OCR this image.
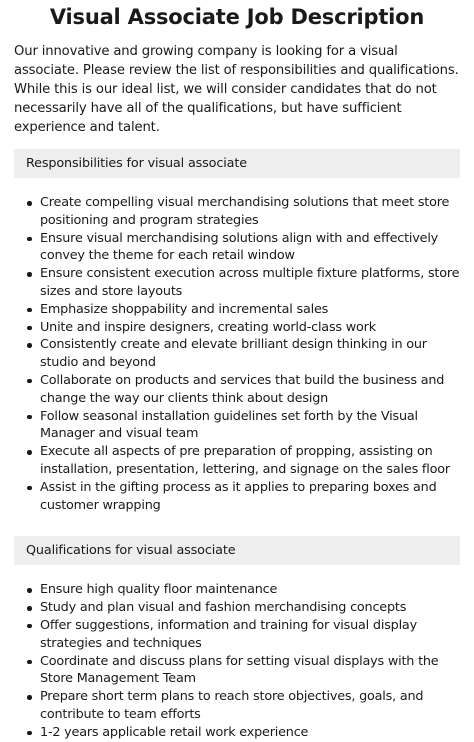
Visual Associate Job Description

Our innovative and growing company is looking for a visual associate. Please review the list of responsibilities and qualifications. While this is our ideal list, we will consider candidates that do not necessarily have all of the qualifications, but have sufficient experience and talent.

Responsibilities for visual associate
Create compelling visual merchandising solutions that meet store positioning and program strategies
Ensure visual merchandising solutions align with and effectively convey the theme for each retail window
Ensure consistent execution across multiple fixture platforms, store sizes and store layouts
Emphasize shoppability and incremental sales
Unite and inspire designers, creating world-class work
Consistently create and elevate brilliant design thinking in our studio and beyond
Collaborate on products and services that build the business and change the way our clients think about design
Follow seasonal installation guidelines set forth by the Visual Manager and visual team
Execute all aspects of pre preparation of propping, assisting on installation, presentation, lettering, and signage on the sales floor
Assist in the gifting process as it applies to preparing boxes and customer wrapping
Qualifications for visual associate
Ensure high quality floor maintenance
Study and plan visual and fashion merchandising concepts
Offer suggestions, information and training for visual display strategies and techniques
Coordinate and discuss plans for setting visual displays with the Store Management Team
Prepare short term plans to reach store objectives, goals, and contribute to team efforts
1-2 years applicable retail work experience
